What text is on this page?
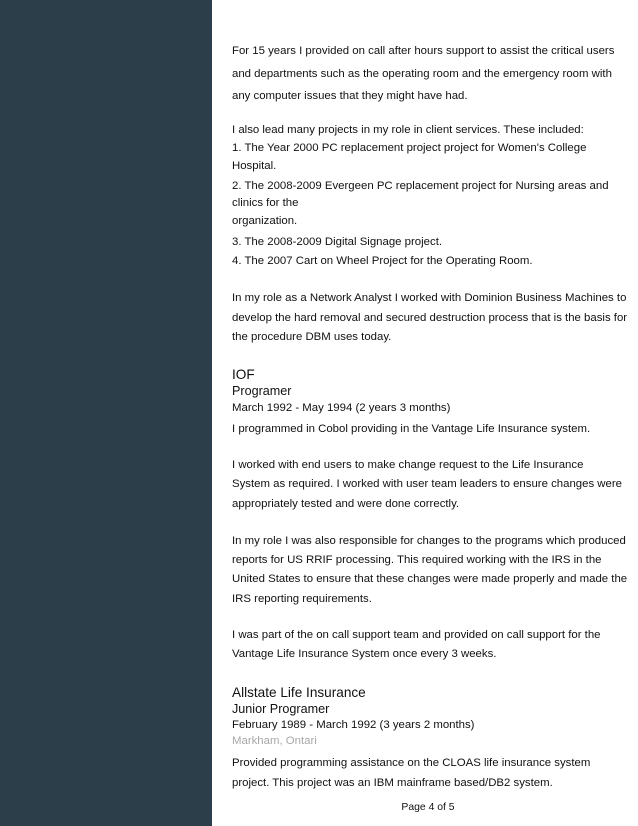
For 15 years I provided on call after hours support to assist the critical users
and departments such as the operating room and the emergency room with
any computer issues that they might have had.
I also lead many projects in my role in client services. These included:
1. The Year 2000 PC replacement project project for Women's College
Hospital.
2. The 2008-2009 Evergeen PC replacement project for Nursing areas and
clinics for the
organization.
3. The 2008-2009 Digital Signage project.
4. The 2007 Cart on Wheel Project for the Operating Room.
In my role as a Network Analyst I worked with Dominion Business Machines to
develop the hard removal and secured destruction process that is the basis for
the procedure DBM uses today.
IOF
Programer
March 1992 - May 1994 (2 years 3 months)
I programmed in Cobol providing in the Vantage Life Insurance system.
I worked with end users to make change request to the Life Insurance
System as required. I worked with user team leaders to ensure changes were
appropriately tested and were done correctly.
In my role I was also responsible for changes to the programs which produced
reports for US RRIF processing. This required working with the IRS in the
United States to ensure that these changes were made properly and made the
IRS reporting requirements.
I was part of the on call support team and provided on call support for the
Vantage Life Insurance System once every 3 weeks.
Allstate Life Insurance
Junior Programer
February 1989 - March 1992 (3 years 2 months)
Markham, Ontari
Provided programming assistance on the CLOAS life insurance system
project. This project was an IBM mainframe based/DB2 system.
Page 4 of 5
